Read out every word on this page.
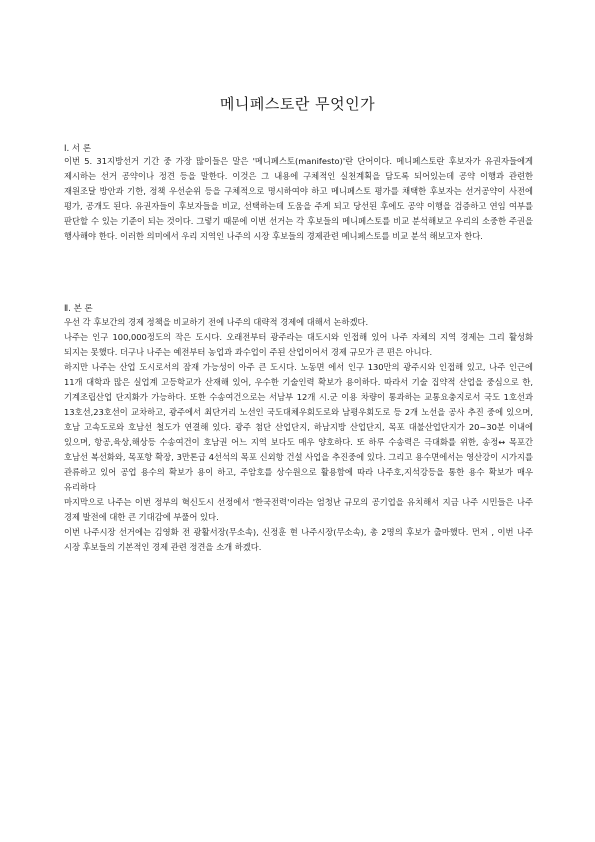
메니페스토란 무엇인가
Ⅰ. 서 론

이번 5. 31지방선거 기간 중 가장 많이들은 말은 '메니페스토(manifesto)'란 단어이다. 메니페스토란 후보자가 유권자들에게 제시하는 선거 공약이나 정견 등을 말한다. 이것은 그 내용에 구체적인 실천계획을 담도록 되어있는데 공약 이행과 관련한 재원조달 방안과 기한, 정책 우선순위 등을 구체적으로 명시하여야 하고 메니페스토 평가를 채택한 후보자는 선거공약이 사전에 평가, 공개도 된다. 유권자들이 후보자들을 비교, 선택하는데 도움을 주게 되고 당선된 후에도 공약 이행을 검증하고 연임 여부를 판단할 수 있는 기준이 되는 것이다. 그렇기 때문에 이번 선거는 각 후보들의 메니페스토를 비교 분석해보고 우리의 소중한 주권을 행사해야 한다. 이러한 의미에서 우리 지역인 나주의 시장 후보들의 경제관련 메니페스토를 비교 분석 해보고자 한다.

Ⅱ. 본 론

우선 각 후보간의 경제 정책을 비교하기 전에 나주의 대략적 경제에 대해서 논하겠다.

나주는 인구 100,000정도의 작은 도시다. 오래전부터 광주라는 대도시와 인접해 있어 나주 자체의 지역 경제는 그리 활성화 되지는 못했다. 더구나 나주는 예전부터 농업과 과수업이 주된 산업이어서 경제 규모가 큰 편은 아니다.

하지만 나주는 산업 도시로서의 잠재 가능성이 아주 큰 도시다. 노동면 에서 인구 130만의 광주시와 인접해 있고, 나주 인근에 11개 대학과 많은 실업계 고등학교가 산재해 있어, 우수한 기술인력 확보가 용이하다. 따라서 기술 집약적 산업을 중심으로 한, 기계조립산업 단지화가 가능하다. 또한 수송여건으로는 서남부 12개 시.군 이용 차량이 통과하는 교통요충지로서 국도 1호선과 13호선,23호선이 교차하고, 광주에서 최단거리 노선인 국도대체우회도로와 남평우회도로 등 2개 노선을 공사 추진 중에 있으며, 호남 고속도로와 호남선 철도가 연결해 있다. 광주 첨단 산업단지, 하남지방 산업단지, 목포 대불산업단지가 20~30분 이내에 있으며, 항공,육상,해상등 수송여건이 호남권 어느 지역 보다도 매우 양호하다. 또 하루 수송력은 극대화를 위한, 송정↔ 목포간 호남선 복선화와, 목포항 확장, 3만톤급 4선석의 목포 신외항 건설 사업을 추진중에 있다. 그리고 용수면에서는 영산강이 시가지를 관류하고 있어 공업 용수의 확보가 용이 하고, 주암호를 상수원으로 활용함에 따라 나주호,지석강등을 통한 용수 확보가 매우 유리하다

마지막으로 나주는 이번 정부의 혁신도시 선정에서 '한국전력'이라는 엄청난 규모의 공기업을 유치해서 지금 나주 시민들은 나주 경제 발전에 대한 큰 기대감에 부풀어 있다.

이번 나주시장 선거에는 김영화 전 광활서장(무소속), 신정훈 현 나주시장(무소속), 총 2명의 후보가 출마했다. 먼저 , 이번 나주 시장 후보들의 기본적인 경제 관련 정견을 소개 하겠다.
